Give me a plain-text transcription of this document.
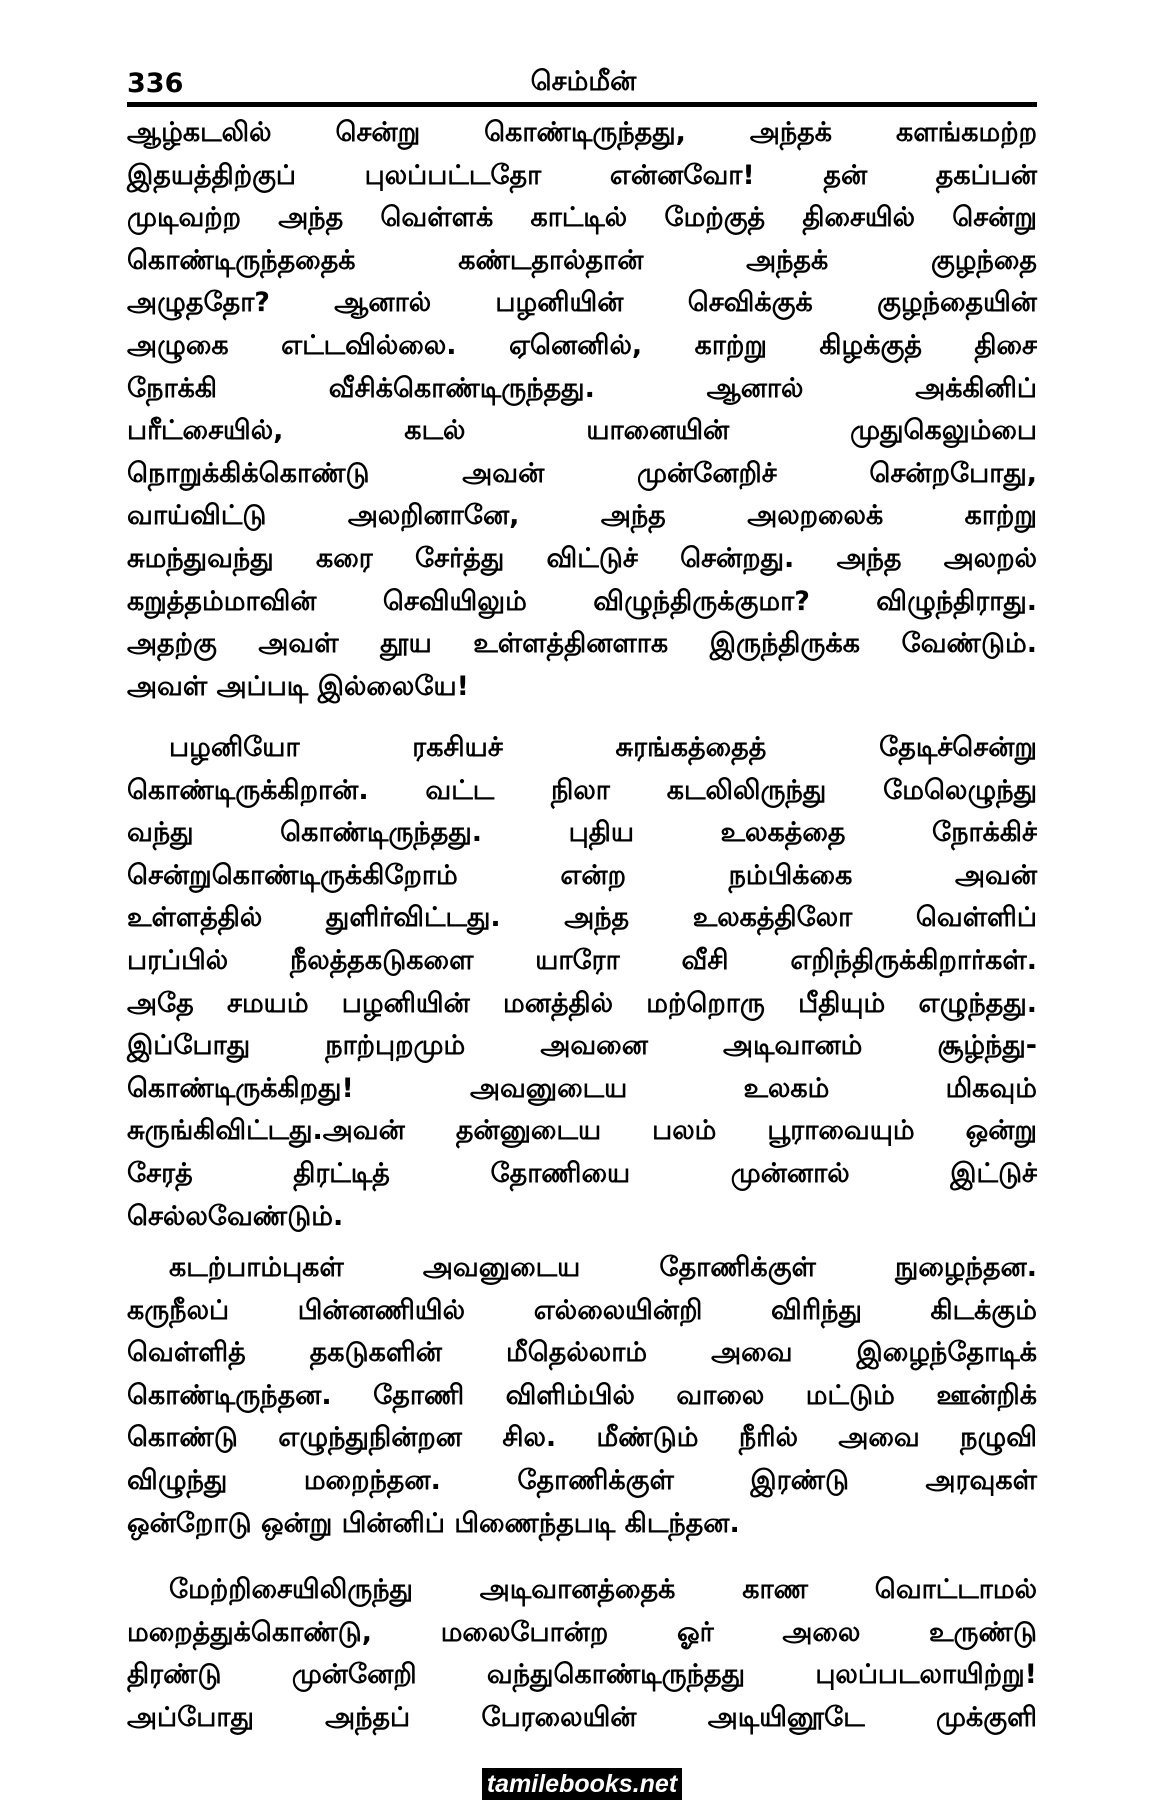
336	செம்மீன்
ஆழ்கடலில் சென்று கொண்டிருந்தது, அந்தக் களங்கமற்ற
இதயத்திற்குப் புலப்பட்டதோ என்னவோ! தன் தகப்பன்
முடிவற்ற அந்த வெள்ளக் காட்டில் மேற்குத் திசையில் சென்று
கொண்டிருந்ததைக் கண்டதால்தான் அந்தக் குழந்தை
அழுததோ? ஆனால் பழனியின் செவிக்குக் குழந்தையின்
அழுகை எட்டவில்லை. ஏனெனில், காற்று கிழக்குத் திசை
நோக்கி வீசிக்கொண்டிருந்தது. ஆனால் அக்கினிப்
பரீட்சையில், கடல் யானையின் முதுகெலும்பை
நொறுக்கிக்கொண்டு அவன் முன்னேறிச் சென்றபோது,
வாய்விட்டு அலறினானே, அந்த அலறலைக் காற்று
சுமந்துவந்து கரை சேர்த்து விட்டுச் சென்றது. அந்த அலறல்
கறுத்தம்மாவின் செவியிலும் விழுந்திருக்குமா? விழுந்திராது.
அதற்கு அவள் தூய உள்ளத்தினளாக இருந்திருக்க வேண்டும்.
அவள் அப்படி இல்லையே!
பழனியோ ரகசியச் சுரங்கத்தைத் தேடிச்சென்று
கொண்டிருக்கிறான். வட்ட நிலா கடலிலிருந்து மேலெழுந்து
வந்து கொண்டிருந்தது. புதிய உலகத்தை நோக்கிச்
சென்றுகொண்டிருக்கிறோம் என்ற நம்பிக்கை அவன்
உள்ளத்தில் துளிர்விட்டது. அந்த உலகத்திலோ வெள்ளிப்
பரப்பில் நீலத்தகடுகளை யாரோ வீசி எறிந்திருக்கிறார்கள்.
அதே சமயம் பழனியின் மனத்தில் மற்றொரு பீதியும் எழுந்தது.
இப்போது நாற்புறமும் அவனை அடிவானம் சூழ்ந்து-
கொண்டிருக்கிறது! அவனுடைய உலகம் மிகவும்
சுருங்கிவிட்டது.அவன் தன்னுடைய பலம் பூராவையும் ஒன்று
சேரத் திரட்டித் தோணியை முன்னால் இட்டுச்
செல்லவேண்டும்.
கடற்பாம்புகள் அவனுடைய தோணிக்குள் நுழைந்தன.
கருநீலப் பின்னணியில் எல்லையின்றி விரிந்து கிடக்கும்
வெள்ளித் தகடுகளின் மீதெல்லாம் அவை இழைந்தோடிக்
கொண்டிருந்தன. தோணி விளிம்பில் வாலை மட்டும் ஊன்றிக்
கொண்டு எழுந்துநின்றன சில. மீண்டும் நீரில் அவை நழுவி
விழுந்து மறைந்தன. தோணிக்குள் இரண்டு அரவுகள்
ஒன்றோடு ஒன்று பின்னிப் பிணைந்தபடி கிடந்தன.
மேற்றிசையிலிருந்து அடிவானத்தைக் காண வொட்டாமல்
மறைத்துக்கொண்டு, மலைபோன்ற ஓர் அலை உருண்டு
திரண்டு முன்னேறி வந்துகொண்டிருந்தது புலப்படலாயிற்று!
அப்போது அந்தப் பேரலையின் அடியினூடே முக்குளி
tamilebooks.net
